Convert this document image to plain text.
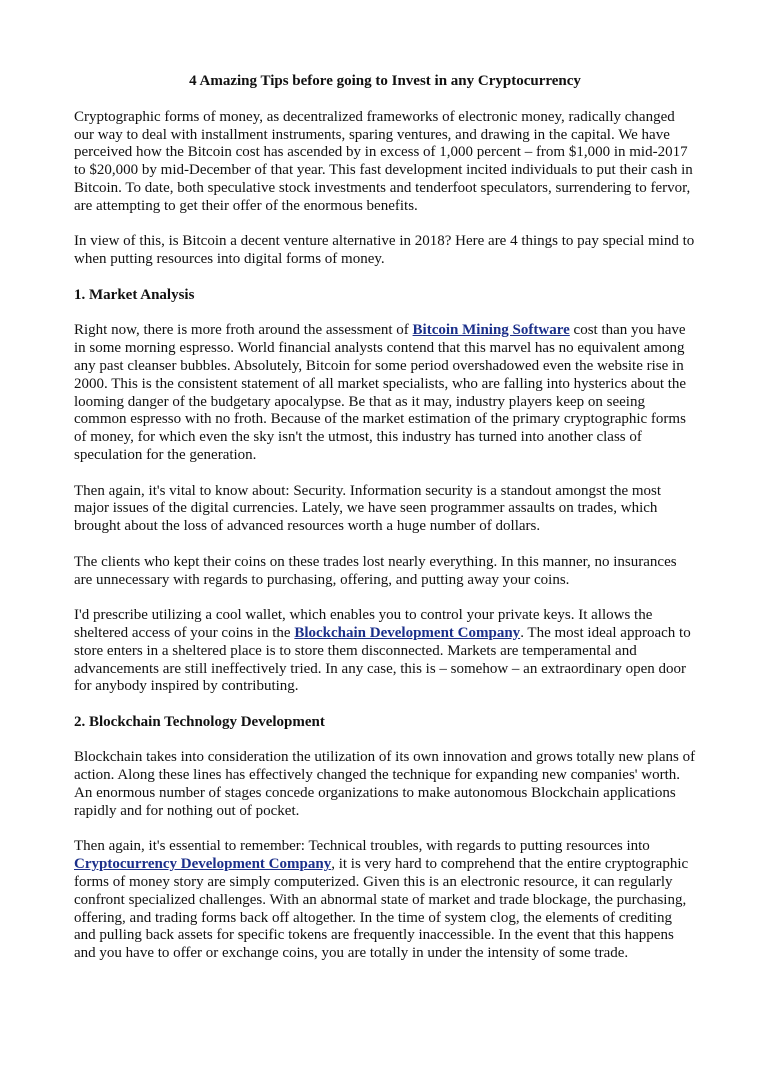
4 Amazing Tips before going to Invest in any Cryptocurrency

Cryptographic forms of money, as decentralized frameworks of electronic money, radically changed our way to deal with installment instruments, sparing ventures, and drawing in the capital. We have perceived how the Bitcoin cost has ascended by in excess of 1,000 percent – from $1,000 in mid-2017 to $20,000 by mid-December of that year. This fast development incited individuals to put their cash in Bitcoin. To date, both speculative stock investments and tenderfoot speculators, surrendering to fervor, are attempting to get their offer of the enormous benefits.

In view of this, is Bitcoin a decent venture alternative in 2018? Here are 4 things to pay special mind to when putting resources into digital forms of money.

1. Market Analysis

Right now, there is more froth around the assessment of Bitcoin Mining Software cost than you have in some morning espresso. World financial analysts contend that this marvel has no equivalent among any past cleanser bubbles. Absolutely, Bitcoin for some period overshadowed even the website rise in 2000. This is the consistent statement of all market specialists, who are falling into hysterics about the looming danger of the budgetary apocalypse. Be that as it may, industry players keep on seeing common espresso with no froth. Because of the market estimation of the primary cryptographic forms of money, for which even the sky isn't the utmost, this industry has turned into another class of speculation for the generation.

Then again, it's vital to know about: Security. Information security is a standout amongst the most major issues of the digital currencies. Lately, we have seen programmer assaults on trades, which brought about the loss of advanced resources worth a huge number of dollars.

The clients who kept their coins on these trades lost nearly everything. In this manner, no insurances are unnecessary with regards to purchasing, offering, and putting away your coins.

I'd prescribe utilizing a cool wallet, which enables you to control your private keys. It allows the sheltered access of your coins in the Blockchain Development Company. The most ideal approach to store enters in a sheltered place is to store them disconnected. Markets are temperamental and advancements are still ineffectively tried. In any case, this is – somehow – an extraordinary open door for anybody inspired by contributing.

2. Blockchain Technology Development

Blockchain takes into consideration the utilization of its own innovation and grows totally new plans of action. Along these lines has effectively changed the technique for expanding new companies' worth. An enormous number of stages concede organizations to make autonomous Blockchain applications rapidly and for nothing out of pocket.

Then again, it's essential to remember: Technical troubles, with regards to putting resources into Cryptocurrency Development Company, it is very hard to comprehend that the entire cryptographic forms of money story are simply computerized. Given this is an electronic resource, it can regularly confront specialized challenges. With an abnormal state of market and trade blockage, the purchasing, offering, and trading forms back off altogether. In the time of system clog, the elements of crediting and pulling back assets for specific tokens are frequently inaccessible. In the event that this happens and you have to offer or exchange coins, you are totally in under the intensity of some trade.
